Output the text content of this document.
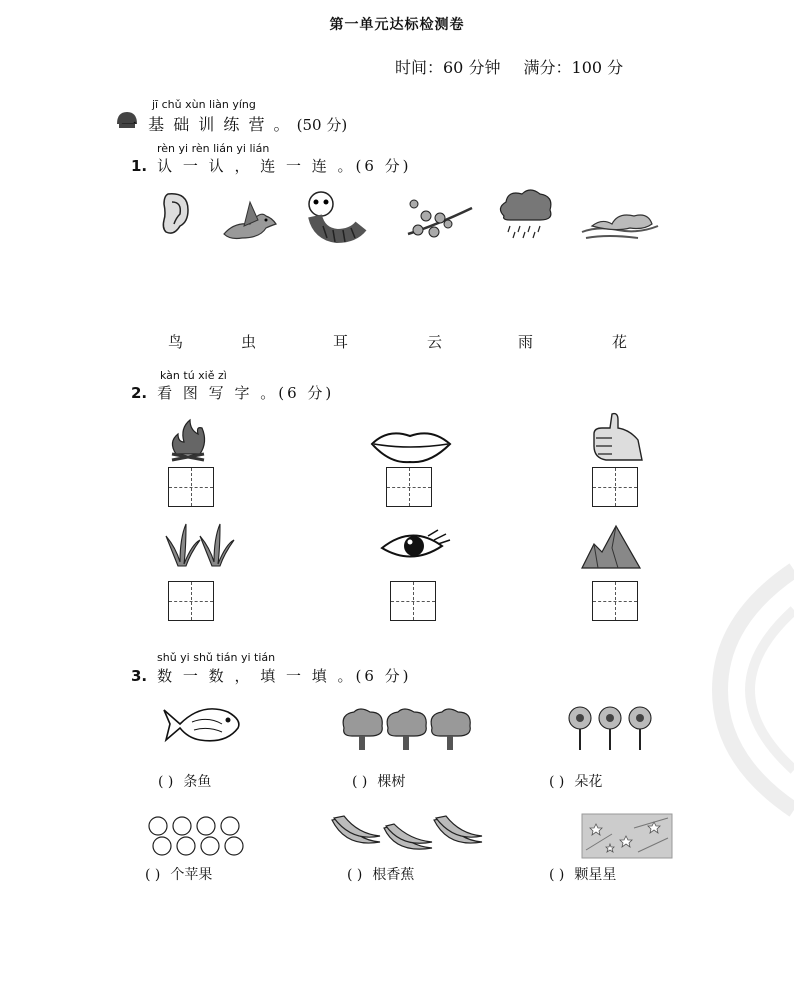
第一单元达标检测卷
时间：60 分钟 满分：100 分
jī chǔ xùn liàn yíng
一 基 础 训 练 营 。 (50 分)
rèn yi rèn lián yi lián
1. 认 一 认 ， 连 一 连 。(6 分)
鸟	虫	耳	云	雨	花
kàn tú xiě zì
2. 看 图 写 字 。(6 分)
shǔ yi shǔ tián yi tián
3. 数 一 数 ， 填 一 填 。(6 分)
( ) 条鱼	( ) 棵树	( ) 朵花
( ) 个苹果	( ) 根香蕉	( ) 颗星星
